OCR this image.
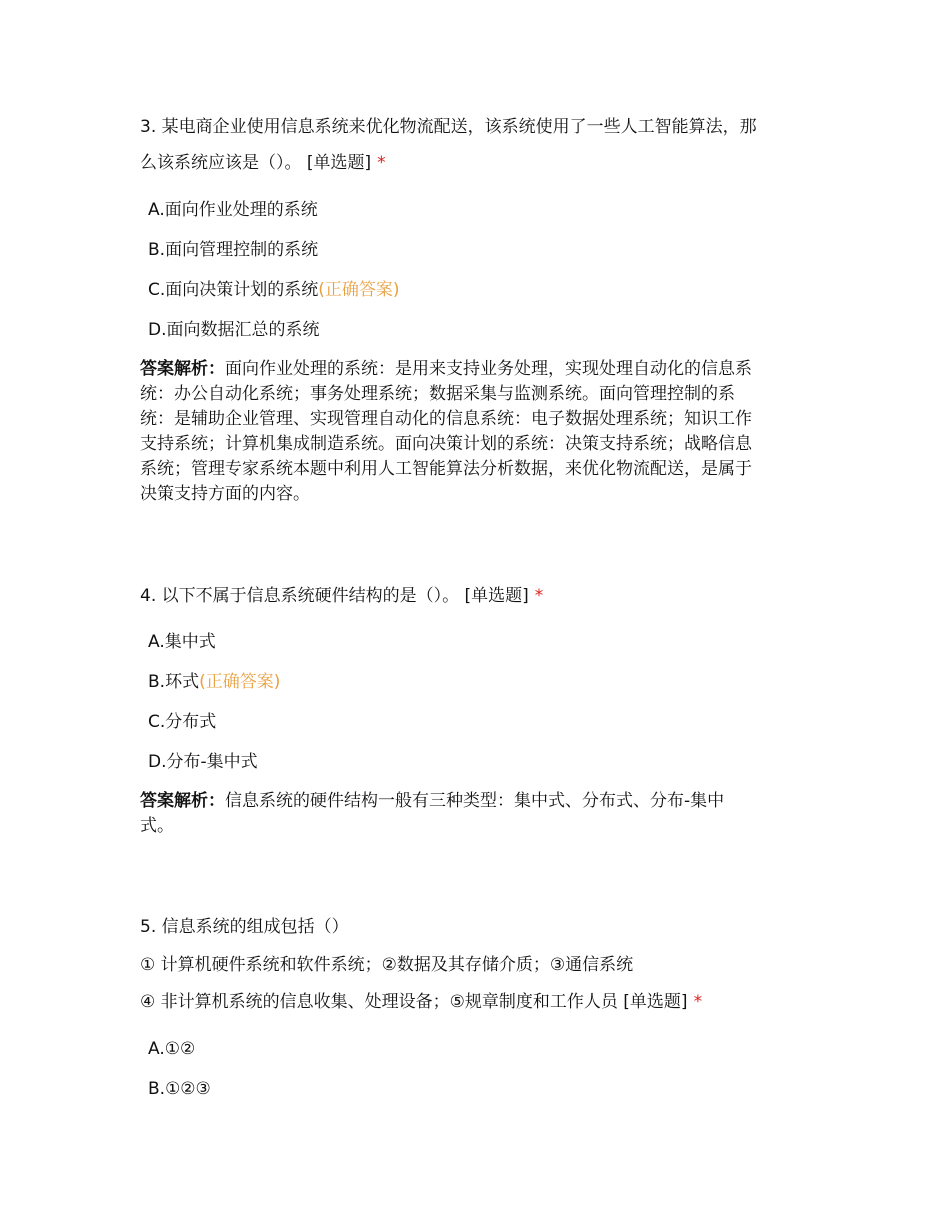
3. 某电商企业使用信息系统来优化物流配送，该系统使用了一些人工智能算法，那
么该系统应该是（）。 [单选题] *
A.面向作业处理的系统
B.面向管理控制的系统
C.面向决策计划的系统(正确答案)
D.面向数据汇总的系统
答案解析：面向作业处理的系统：是用来支持业务处理，实现处理自动化的信息系
统：办公自动化系统；事务处理系统；数据采集与监测系统。面向管理控制的系
统：是辅助企业管理、实现管理自动化的信息系统：电子数据处理系统；知识工作
支持系统；计算机集成制造系统。面向决策计划的系统：决策支持系统；战略信息
系统；管理专家系统本题中利用人工智能算法分析数据，来优化物流配送，是属于
决策支持方面的内容。
4. 以下不属于信息系统硬件结构的是（）。 [单选题] *
A.集中式
B.环式(正确答案)
C.分布式
D.分布-集中式
答案解析：信息系统的硬件结构一般有三种类型：集中式、分布式、分布-集中
式。
5. 信息系统的组成包括（）
① 计算机硬件系统和软件系统；②数据及其存储介质；③通信系统
④ 非计算机系统的信息收集、处理设备；⑤规章制度和工作人员 [单选题] *
A.①②
B.①②③
